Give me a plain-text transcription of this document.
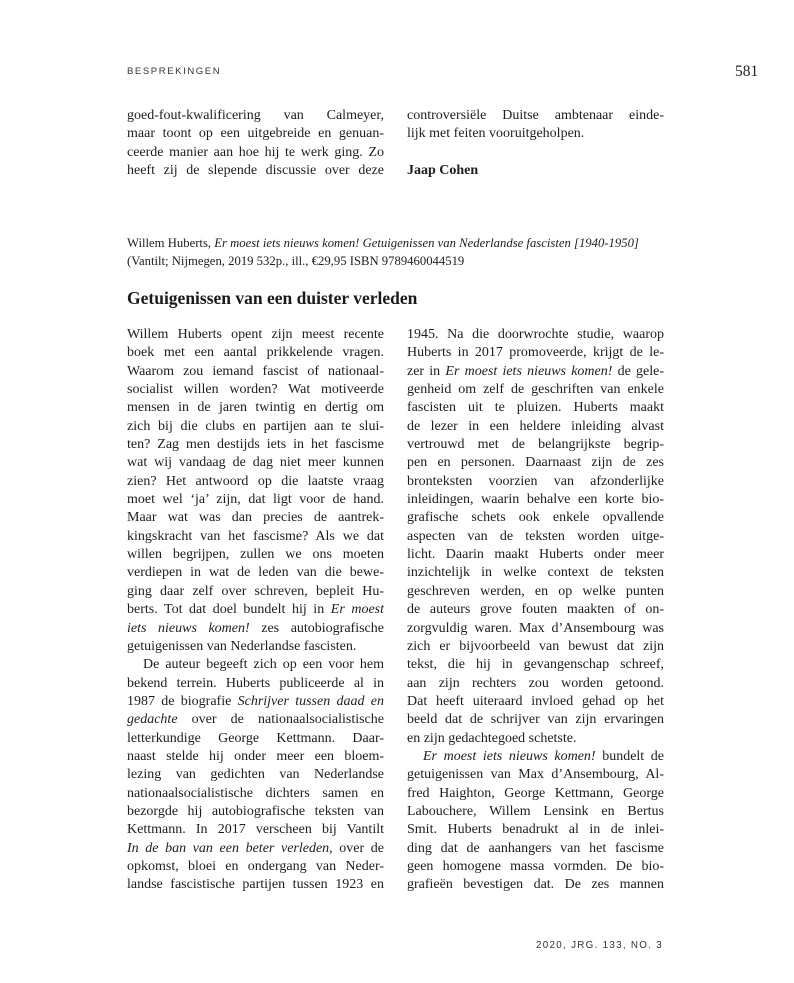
BESPREKINGEN	581
goed-fout-kwalificering van Calmeyer,
maar toont op een uitgebreide en genuan-
ceerde manier aan hoe hij te werk ging. Zo
heeft zij de slepende discussie over deze
controversiële Duitse ambtenaar einde-
lijk met feiten vooruitgeholpen.
Jaap Cohen
Willem Huberts, Er moest iets nieuws komen! Getuigenissen van Nederlandse fascisten [1940-1950]
(Vantilt; Nijmegen, 2019 532p., ill., €29,95 ISBN 9789460044519
Getuigenissen van een duister verleden
Willem Huberts opent zijn meest recente
boek met een aantal prikkelende vragen.
Waarom zou iemand fascist of nationaal-
socialist willen worden? Wat motiveerde
mensen in de jaren twintig en dertig om
zich bij die clubs en partijen aan te slui-
ten? Zag men destijds iets in het fascisme
wat wij vandaag de dag niet meer kunnen
zien? Het antwoord op die laatste vraag
moet wel ‘ja’ zijn, dat ligt voor de hand.
Maar wat was dan precies de aantrek-
kingskracht van het fascisme? Als we dat
willen begrijpen, zullen we ons moeten
verdiepen in wat de leden van die bewe-
ging daar zelf over schreven, bepleit Hu-
berts. Tot dat doel bundelt hij in Er moest
iets nieuws komen! zes autobiografische
getuigenissen van Nederlandse fascisten.
De auteur begeeft zich op een voor hem
bekend terrein. Huberts publiceerde al in
1987 de biografie Schrijver tussen daad en
gedachte over de nationaalsocialistische
letterkundige George Kettmann. Daar-
naast stelde hij onder meer een bloem-
lezing van gedichten van Nederlandse
nationaalsocialistische dichters samen en
bezorgde hij autobiografische teksten van
Kettmann. In 2017 verscheen bij Vantilt
In de ban van een beter verleden, over de
opkomst, bloei en ondergang van Neder-
landse fascistische partijen tussen 1923 en
1945. Na die doorwrochte studie, waarop
Huberts in 2017 promoveerde, krijgt de le-
zer in Er moest iets nieuws komen! de gele-
genheid om zelf de geschriften van enkele
fascisten uit te pluizen. Huberts maakt
de lezer in een heldere inleiding alvast
vertrouwd met de belangrijkste begrip-
pen en personen. Daarnaast zijn de zes
bronteksten voorzien van afzonderlijke
inleidingen, waarin behalve een korte bio-
grafische schets ook enkele opvallende
aspecten van de teksten worden uitge-
licht. Daarin maakt Huberts onder meer
inzichtelijk in welke context de teksten
geschreven werden, en op welke punten
de auteurs grove fouten maakten of on-
zorgvuldig waren. Max d’Ansembourg was
zich er bijvoorbeeld van bewust dat zijn
tekst, die hij in gevangenschap schreef,
aan zijn rechters zou worden getoond.
Dat heeft uiteraard invloed gehad op het
beeld dat de schrijver van zijn ervaringen
en zijn gedachtegoed schetste.
Er moest iets nieuws komen! bundelt de
getuigenissen van Max d’Ansembourg, Al-
fred Haighton, George Kettmann, George
Labouchere, Willem Lensink en Bertus
Smit. Huberts benadrukt al in de inlei-
ding dat de aanhangers van het fascisme
geen homogene massa vormden. De bio-
grafieën bevestigen dat. De zes mannen
2020, JRG. 133, NO. 3
